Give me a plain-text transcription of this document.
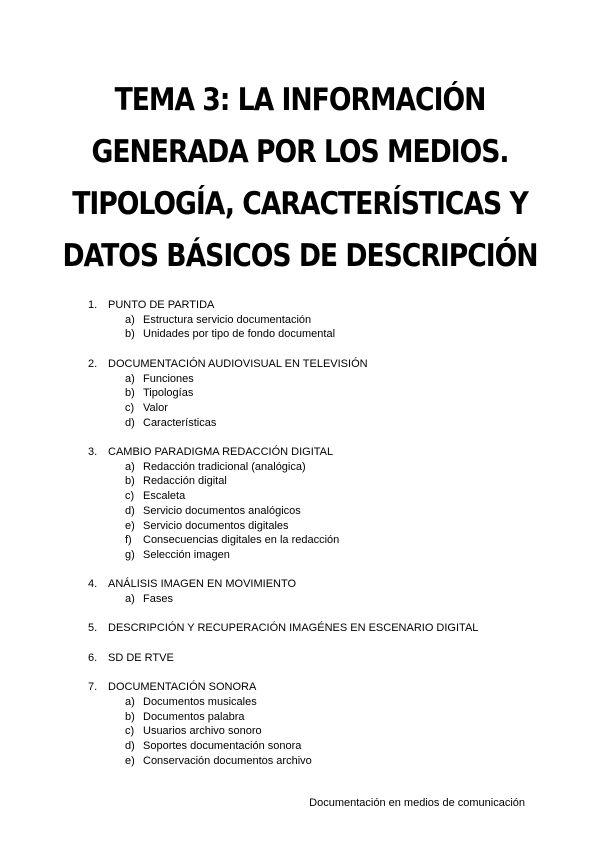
TEMA 3: LA INFORMACIÓN
GENERADA POR LOS MEDIOS.
TIPOLOGÍA, CARACTERÍSTICAS Y
DATOS BÁSICOS DE DESCRIPCIÓN
1. PUNTO DE PARTIDA
a) Estructura servicio documentación
b) Unidades por tipo de fondo documental
2. DOCUMENTACIÓN AUDIOVISUAL EN TELEVISIÓN
a) Funciones
b) Tipologías
c) Valor
d) Características
3. CAMBIO PARADIGMA REDACCIÓN DIGITAL
a) Redacción tradicional (analógica)
b) Redacción digital
c) Escaleta
d) Servicio documentos analógicos
e) Servicio documentos digitales
f)	Consecuencias digitales en la redacción
g) Selección imagen
4. ANÁLISIS IMAGEN EN MOVIMIENTO
a) Fases
5. DESCRIPCIÓN Y RECUPERACIÓN IMAGÉNES EN ESCENARIO DIGITAL
6. SD DE RTVE
7. DOCUMENTACIÓN SONORA
a) Documentos musicales
b) Documentos palabra
c) Usuarios archivo sonoro
d) Soportes documentación sonora
e) Conservación documentos archivo
Documentación en medios de comunicación
